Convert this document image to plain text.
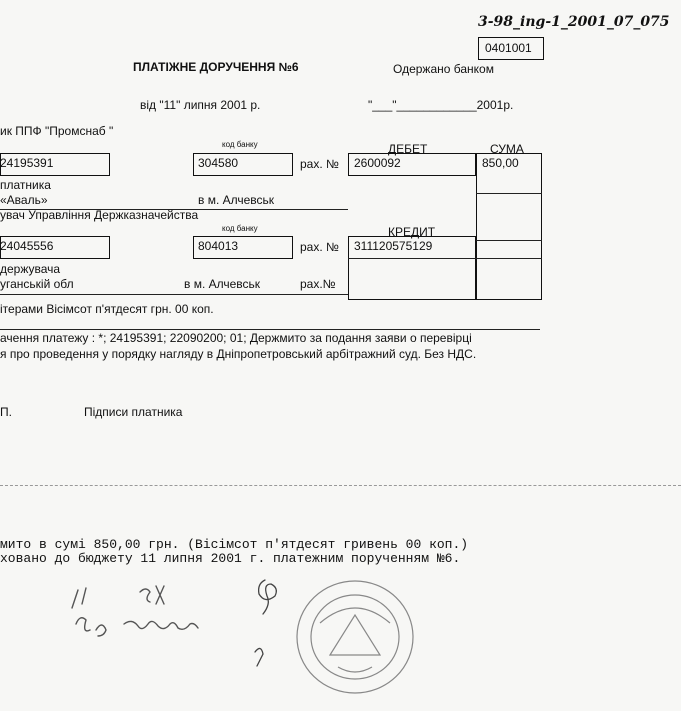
3-98_ing-1_2001_07_075
0401001
ПЛАТІЖНЕ ДОРУЧЕННЯ №6	Одержано банком
від "11" липня 2001 р.	"___"____________2001р.
ик ППФ "Промснаб "
код банку	ДЕБЕТ	СУМА
24195391	304580	рах. № 2600092	850,00
платника
«Аваль»	в м. Алчевськ
увач Управління Держказначейства
код банку	КРЕДИТ
24045556	804013	рах. № 311120575129
держувача
уганській обл	в м. Алчевськ	рах.№
ітерами Вісімсот п'ятдесят грн. 00 коп.
ачення платежу : *; 24195391; 22090200; 01; Держмито за подання заяви о перевірці
я про проведення у порядку нагляду в Дніпропетровський арбітражний суд. Без НДС.
П.	Підписи платника
мито в сумі 850,00 грн. (Вісімсот п'ятдесят гривень 00 коп.)
ховано до бюджету 11 липня 2001 г. платежним порученням №6.
